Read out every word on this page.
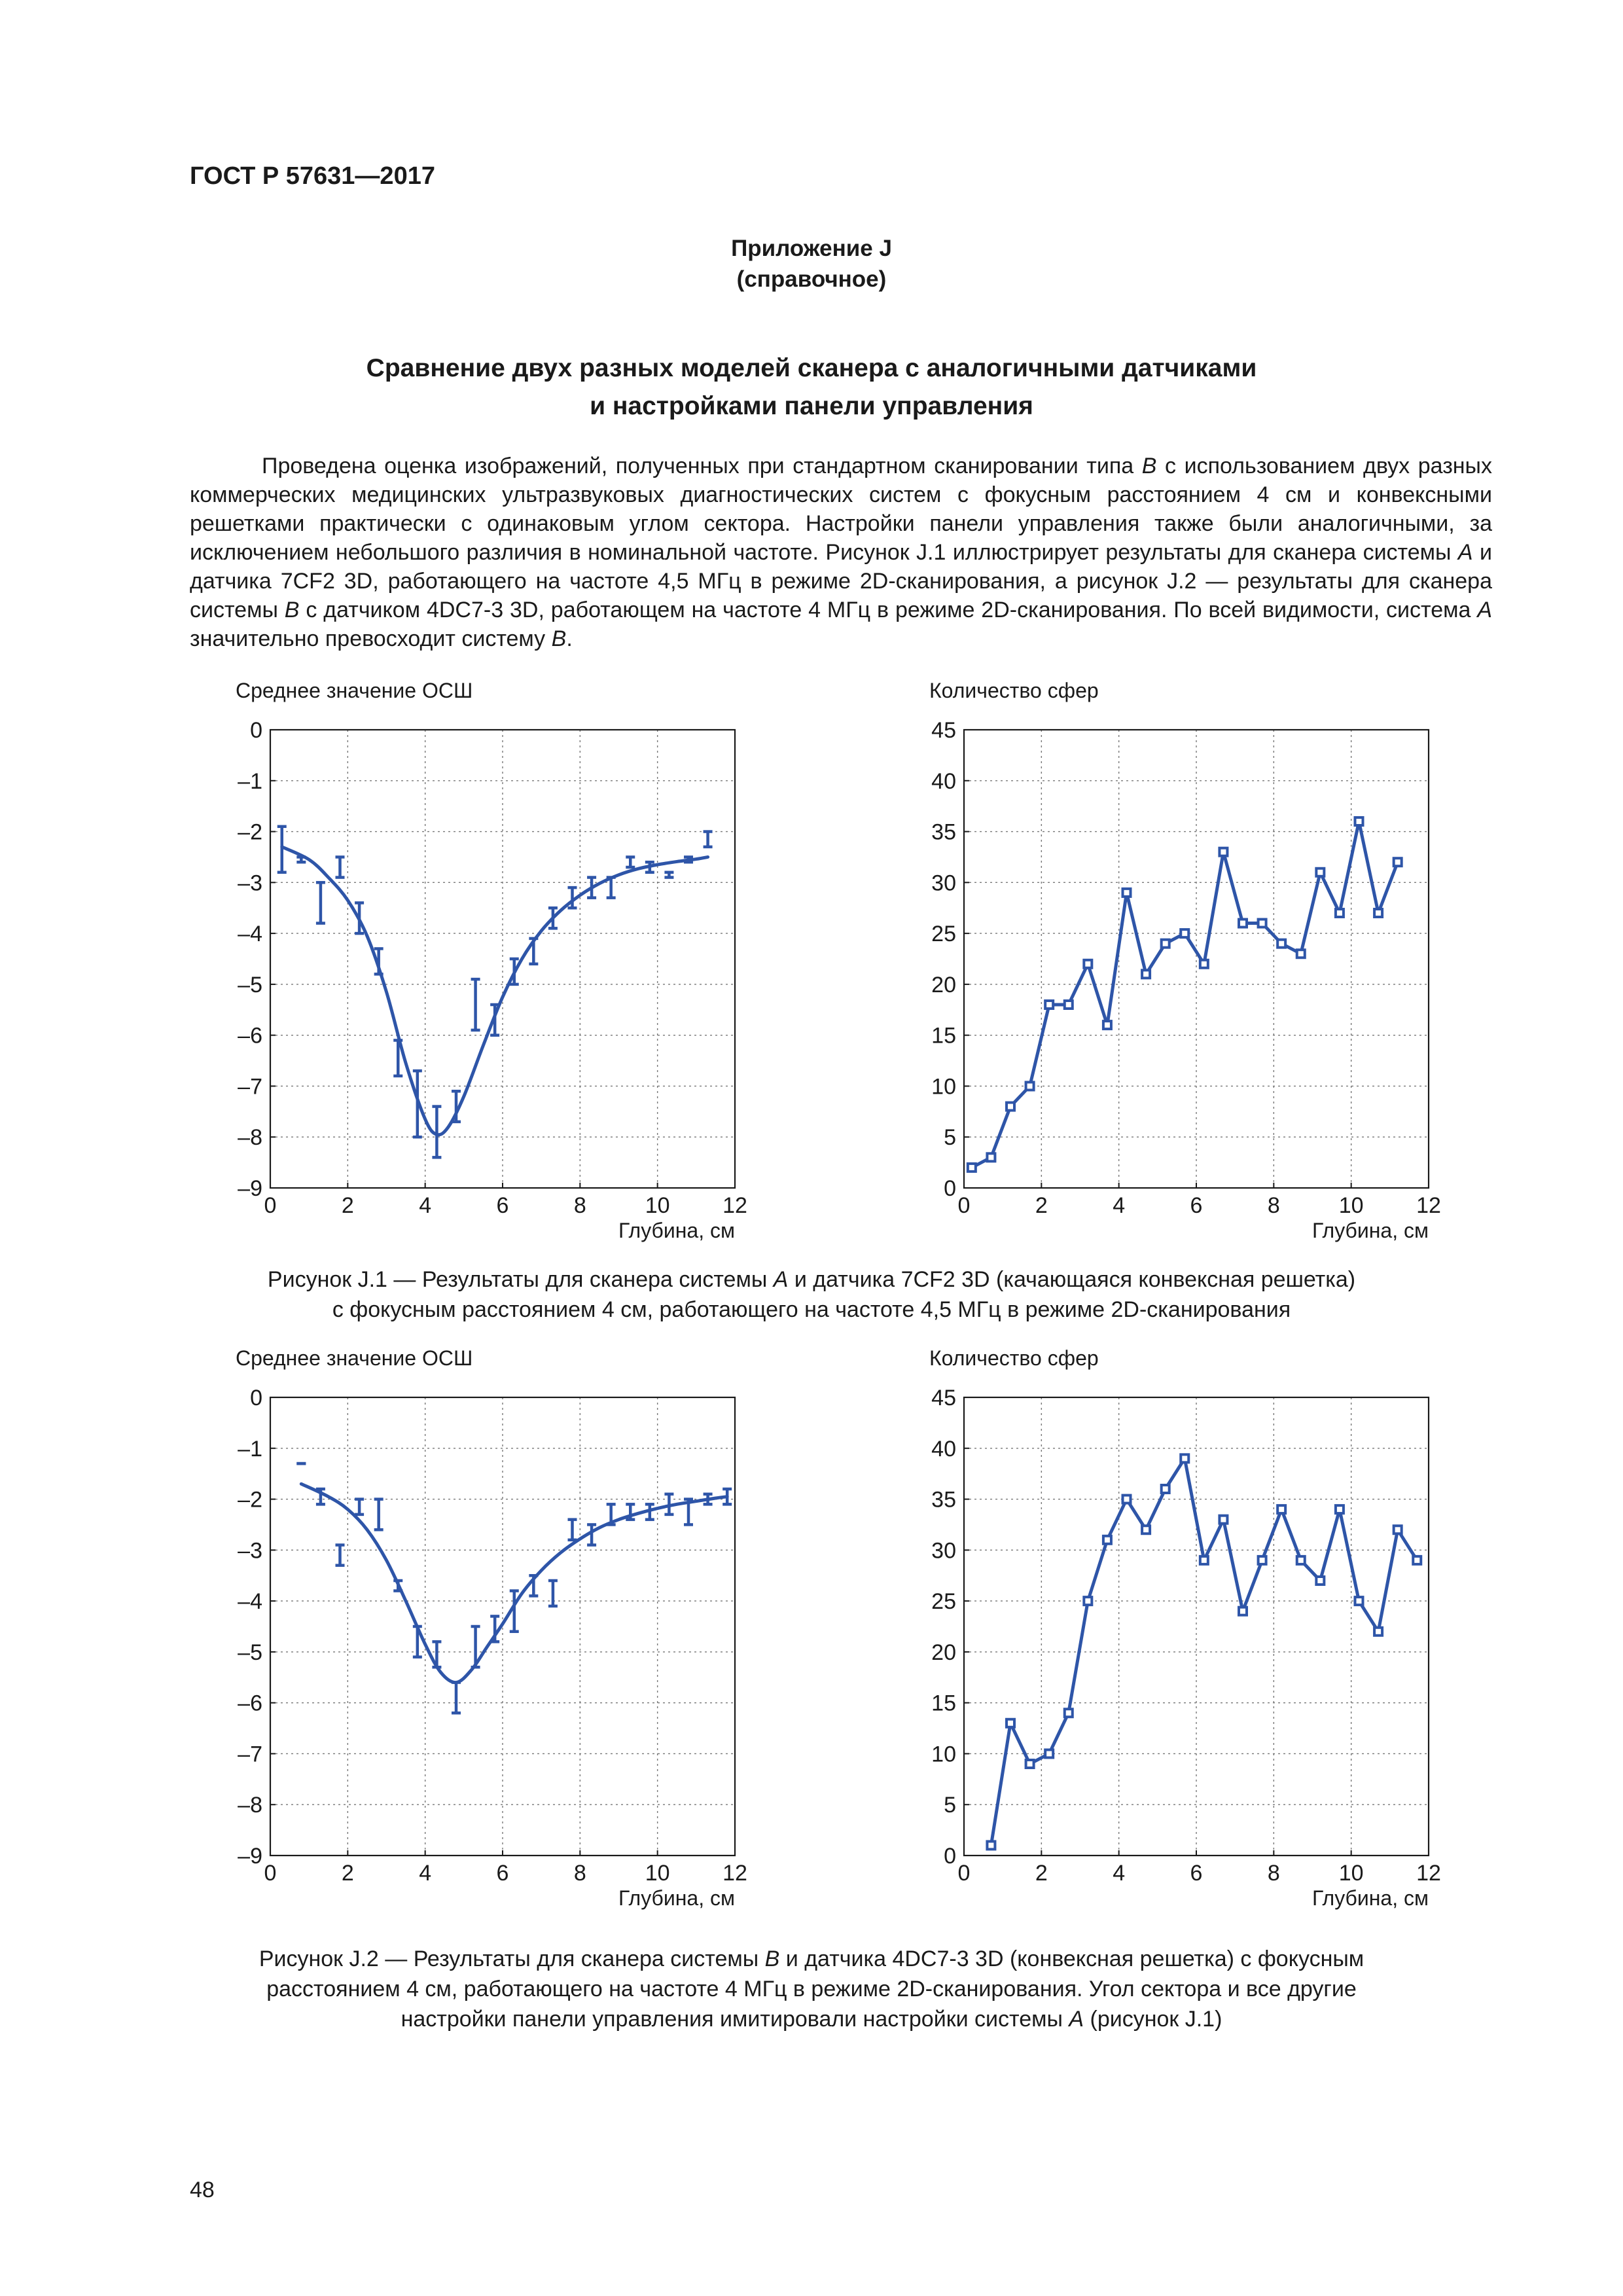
ГОСТ Р 57631—2017
Приложение J
(справочное)
Сравнение двух разных моделей сканера с аналогичными датчиками
и настройками панели управления
Проведена оценка изображений, полученных при стандартном сканировании типа B с использованием двух разных коммерческих медицинских ультразвуковых диагностических систем с фокусным расстоянием 4 см и конвексными решетками практически с одинаковым углом сектора. Настройки панели управления также были аналогичными, за исключением небольшого различия в номинальной частоте. Рисунок J.1 иллюстрирует результаты для сканера системы A и датчика 7CF2 3D, работающего на частоте 4,5 МГц в режиме 2D-сканирования, а рисунок J.2 — результаты для сканера системы B с датчиком 4DC7-3 3D, работающем на частоте 4 МГц в режиме 2D-сканирования. По всей видимости, система A значительно превосходит систему B.
Среднее значение ОСШ
0	2	4	6	8	10 12
0
–1
–2
–3
–4
–5
–6
–7
–8
–9
Глубина, см
Количество сфер
0	2	4	6	8	10 12
0
5
10
15
20
25
30
35
40
45
Глубина, см
Рисунок J.1 — Результаты для сканера системы A и датчика 7CF2 3D (качающаяся конвексная решетка)
с фокусным расстоянием 4 см, работающего на частоте 4,5 МГц в режиме 2D-сканирования
Среднее значение ОСШ
0	2	4	6	8	10 12
0
–1
–2
–3
–4
–5
–6
–7
–8
–9
Глубина, см
Количество сфер
0	2	4	6	8	10 12
0
5
10
15
20
25
30
35
40
45
Глубина, см
Рисунок J.2 — Результаты для сканера системы B и датчика 4DC7-3 3D (конвексная решетка) с фокусным
расстоянием 4 см, работающего на частоте 4 МГц в режиме 2D-сканирования. Угол сектора и все другие
настройки панели управления имитировали настройки системы A (рисунок J.1)
48
